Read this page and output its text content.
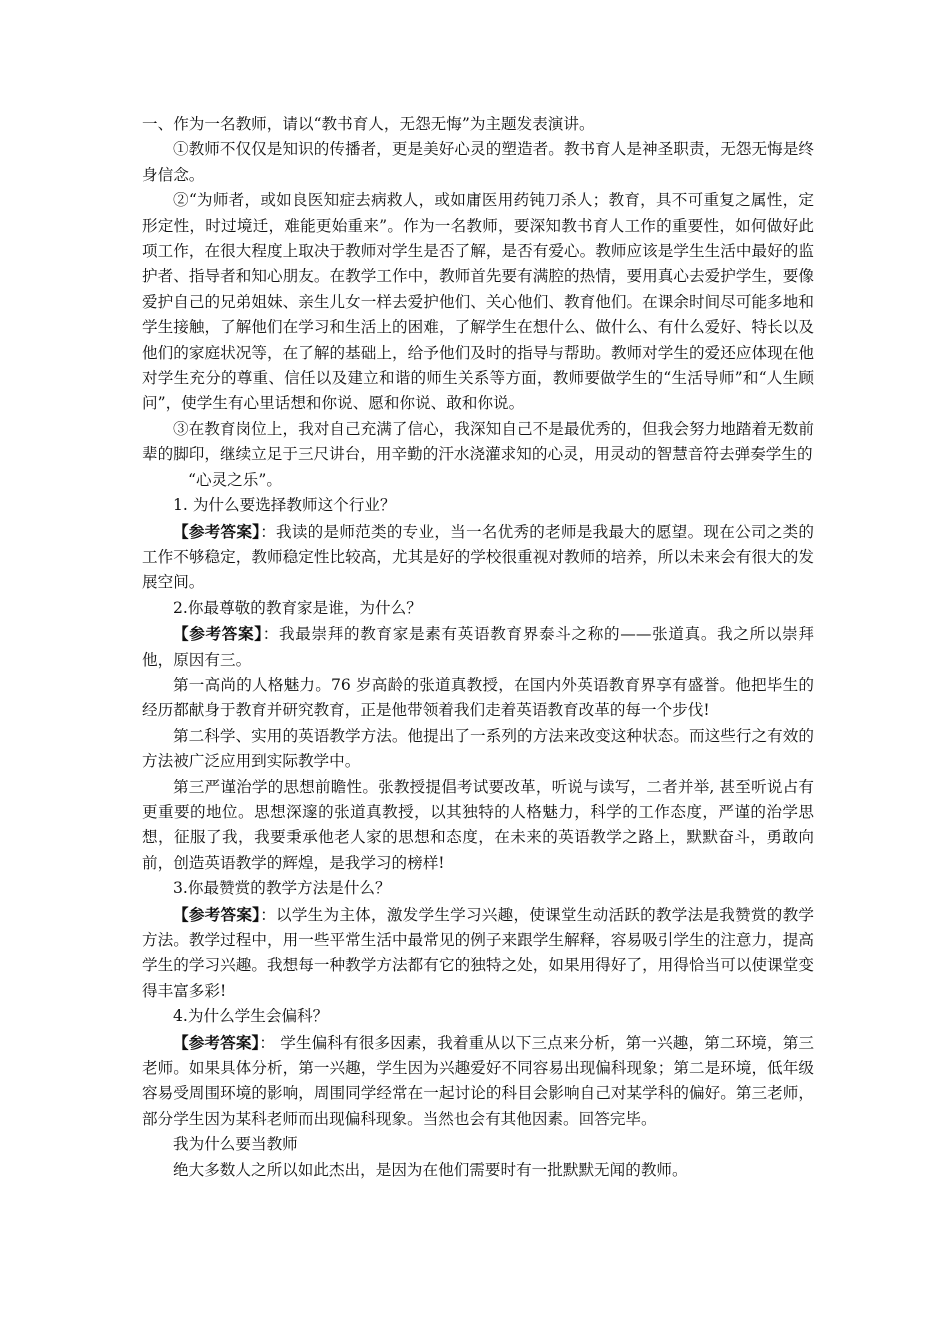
一、作为一名教师，请以“教书育人，无怨无悔”为主题发表演讲。

①教师不仅仅是知识的传播者，更是美好心灵的塑造者。教书育人是神圣职责，无怨无悔是终身信念。

②“为师者，或如良医知症去病救人，或如庸医用药钝刀杀人；教育，具不可重复之属性，定形定性，时过境迁，难能更始重来”。作为一名教师，要深知教书育人工作的重要性，如何做好此项工作，在很大程度上取决于教师对学生是否了解，是否有爱心。教师应该是学生生活中最好的监护者、指导者和知心朋友。在教学工作中，教师首先要有满腔的热情，要用真心去爱护学生，要像爱护自己的兄弟姐妹、亲生儿女一样去爱护他们、关心他们、教育他们。在课余时间尽可能多地和学生接触，了解他们在学习和生活上的困难，了解学生在想什么、做什么、有什么爱好、特长以及他们的家庭状况等，在了解的基础上，给予他们及时的指导与帮助。教师对学生的爱还应体现在他对学生充分的尊重、信任以及建立和谐的师生关系等方面，教师要做学生的“生活导师”和“人生顾问”，使学生有心里话想和你说、愿和你说、敢和你说。

③在教育岗位上，我对自己充满了信心，我深知自己不是最优秀的，但我会努力地踏着无数前辈的脚印，继续立足于三尺讲台，用辛勤的汗水浇灌求知的心灵，用灵动的智慧音符去弹奏学生的

“心灵之乐”。

1. 为什么要选择教师这个行业？

【参考答案】：我读的是师范类的专业，当一名优秀的老师是我最大的愿望。现在公司之类的工作不够稳定，教师稳定性比较高，尤其是好的学校很重视对教师的培养，所以未来会有很大的发展空间。

2.你最尊敬的教育家是谁，为什么？

【参考答案】：我最崇拜的教育家是素有英语教育界泰斗之称的——张道真。我之所以崇拜他，原因有三。

第一高尚的人格魅力。76 岁高龄的张道真教授，在国内外英语教育界享有盛誉。他把毕生的经历都献身于教育并研究教育，正是他带领着我们走着英语教育改革的每一个步伐!

第二科学、实用的英语教学方法。他提出了一系列的方法来改变这种状态。而这些行之有效的方法被广泛应用到实际教学中。

第三严谨治学的思想前瞻性。张教授提倡考试要改革，听说与读写，二者并举, 甚至听说占有更重要的地位。思想深邃的张道真教授，以其独特的人格魅力，科学的工作态度，严谨的治学思想，征服了我，我要秉承他老人家的思想和态度，在未来的英语教学之路上，默默奋斗，勇敢向前，创造英语教学的辉煌，是我学习的榜样!

3.你最赞赏的教学方法是什么？

【参考答案】：以学生为主体，激发学生学习兴趣，使课堂生动活跃的教学法是我赞赏的教学方法。教学过程中，用一些平常生活中最常见的例子来跟学生解释，容易吸引学生的注意力，提高学生的学习兴趣。我想每一种教学方法都有它的独特之处，如果用得好了，用得恰当可以使课堂变得丰富多彩!

4.为什么学生会偏科？

【参考答案】： 学生偏科有很多因素，我着重从以下三点来分析，第一兴趣，第二环境，第三老师。如果具体分析，第一兴趣，学生因为兴趣爱好不同容易出现偏科现象；第二是环境，低年级容易受周围环境的影响，周围同学经常在一起讨论的科目会影响自己对某学科的偏好。第三老师，部分学生因为某科老师而出现偏科现象。当然也会有其他因素。回答完毕。

我为什么要当教师

绝大多数人之所以如此杰出，是因为在他们需要时有一批默默无闻的教师。
